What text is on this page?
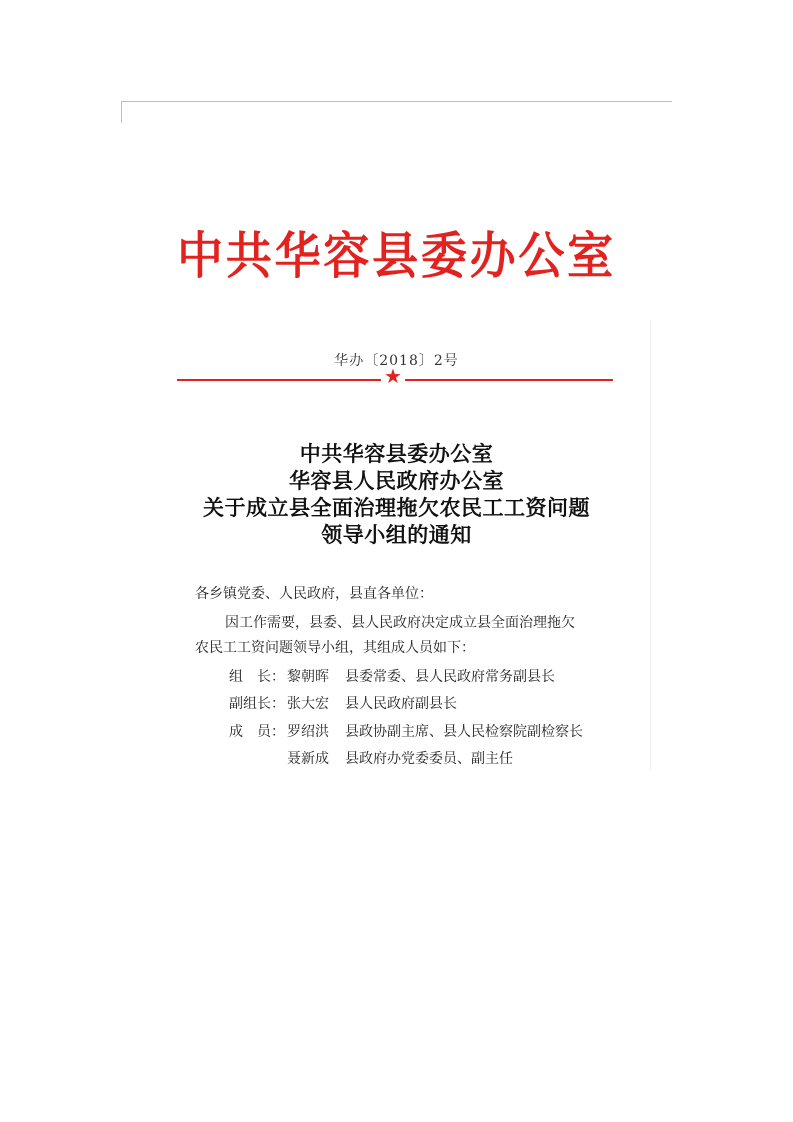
中共华容县委办公室
华办〔2018〕2号
★
中共华容县委办公室
华容县人民政府办公室
关于成立县全面治理拖欠农民工工资问题
领导小组的通知
各乡镇党委、人民政府，县直各单位：
因工作需要，县委、县人民政府决定成立县全面治理拖欠
农民工工资问题领导小组，其组成人员如下：
组　长： 黎朝晖	县委常委、县人民政府常务副县长
副组长： 张大宏	县人民政府副县长
成　员： 罗绍洪	县政协副主席、县人民检察院副检察长
聂新成	县政府办党委委员、副主任
